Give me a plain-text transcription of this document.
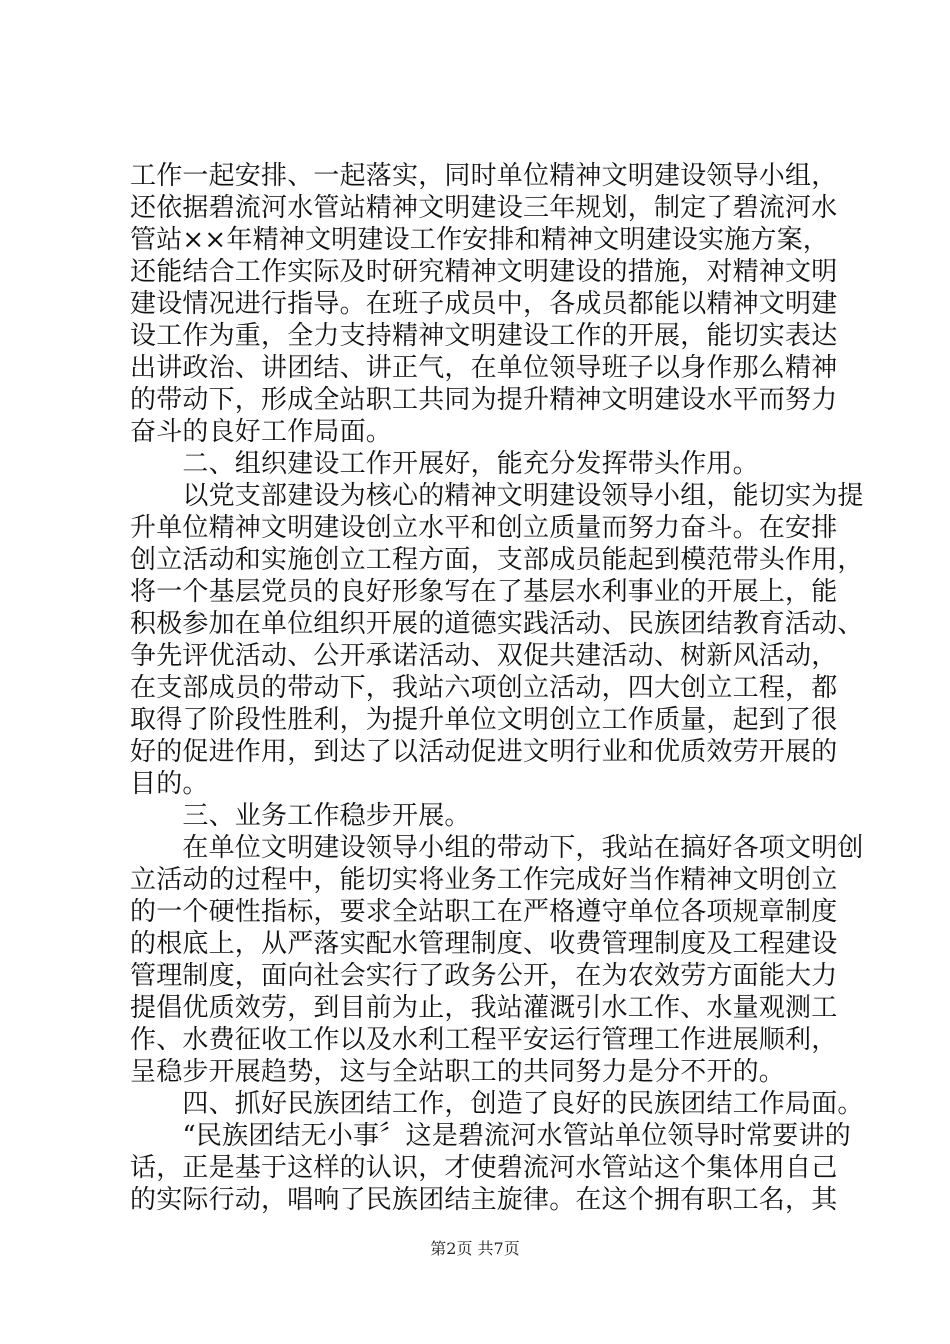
工作一起安排、一起落实，同时单位精神文明建设领导小组，
还依据碧流河水管站精神文明建设三年规划，制定了碧流河水
管站××年精神文明建设工作安排和精神文明建设实施方案，
还能结合工作实际及时研究精神文明建设的措施，对精神文明
建设情况进行指导。在班子成员中，各成员都能以精神文明建
设工作为重，全力支持精神文明建设工作的开展，能切实表达
出讲政治、讲团结、讲正气，在单位领导班子以身作那么精神
的带动下，形成全站职工共同为提升精神文明建设水平而努力
奋斗的良好工作局面。
　　二、组织建设工作开展好，能充分发挥带头作用。
　　以党支部建设为核心的精神文明建设领导小组，能切实为提
升单位精神文明建设创立水平和创立质量而努力奋斗。在安排
创立活动和实施创立工程方面，支部成员能起到模范带头作用，
将一个基层党员的良好形象写在了基层水利事业的开展上，能
积极参加在单位组织开展的道德实践活动、民族团结教育活动、
争先评优活动、公开承诺活动、双促共建活动、树新风活动，
在支部成员的带动下，我站六项创立活动，四大创立工程，都
取得了阶段性胜利，为提升单位文明创立工作质量，起到了很
好的促进作用，到达了以活动促进文明行业和优质效劳开展的
目的。
　　三、业务工作稳步开展。
　　在单位文明建设领导小组的带动下，我站在搞好各项文明创
立活动的过程中，能切实将业务工作完成好当作精神文明创立
的一个硬性指标，要求全站职工在严格遵守单位各项规章制度
的根底上，从严落实配水管理制度、收费管理制度及工程建设
管理制度，面向社会实行了政务公开，在为农效劳方面能大力
提倡优质效劳，到目前为止，我站灌溉引水工作、水量观测工
作、水费征收工作以及水利工程平安运行管理工作进展顺利，
呈稳步开展趋势，这与全站职工的共同努力是分不开的。
　　四、抓好民族团结工作，创造了良好的民族团结工作局面。
　　“民族团结无小事〞这是碧流河水管站单位领导时常要讲的
话，正是基于这样的认识，才使碧流河水管站这个集体用自己
的实际行动，唱响了民族团结主旋律。在这个拥有职工名，其
第2页 共7页
